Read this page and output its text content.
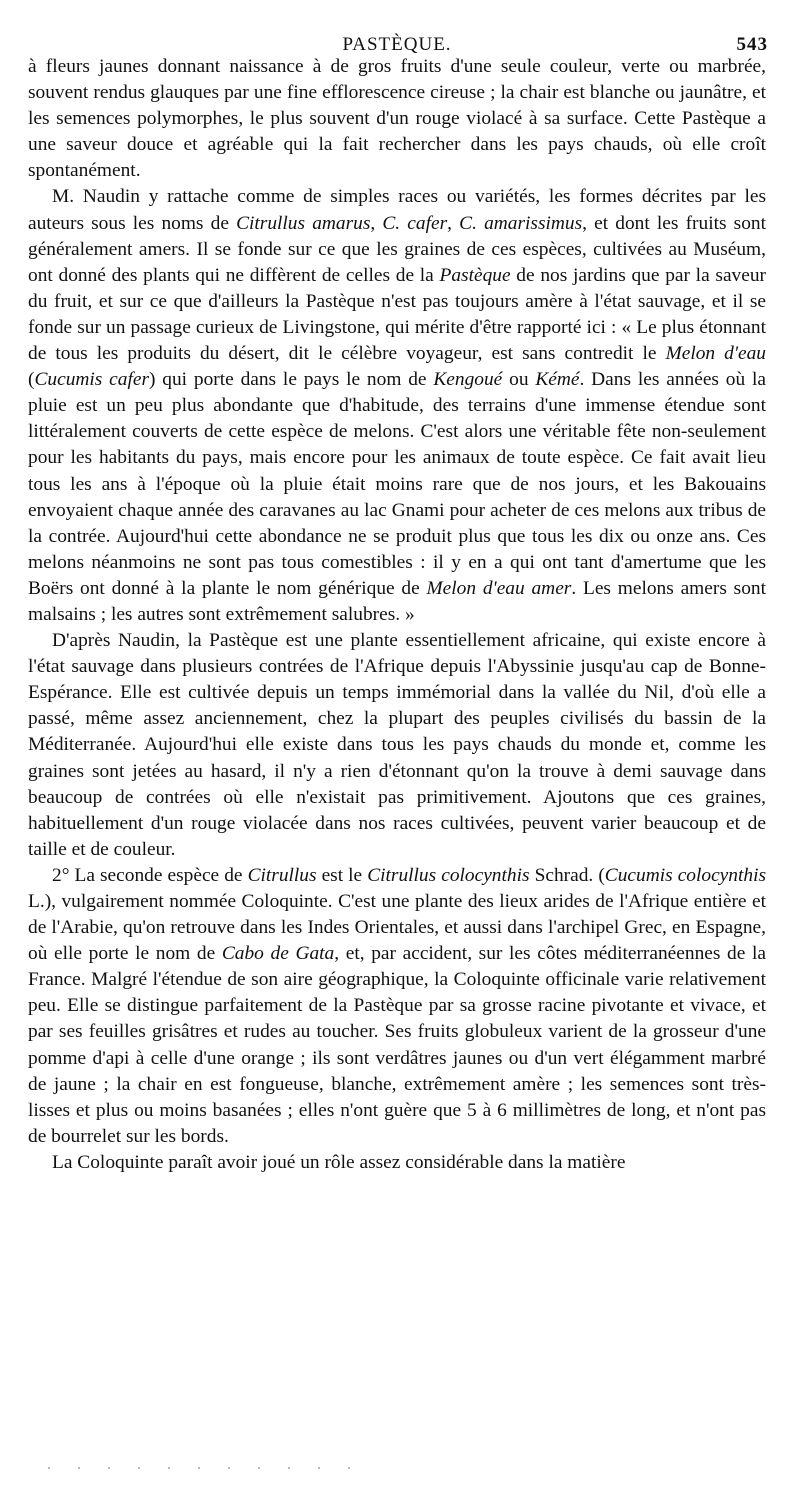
PASTÈQUE.	543

à fleurs jaunes donnant naissance à de gros fruits d'une seule couleur, verte ou marbrée, souvent rendus glauques par une fine efflorescence cireuse ; la chair est blanche ou jaunâtre, et les semences polymorphes, le plus souvent d'un rouge violacé à sa surface. Cette Pastèque a une saveur douce et agréable qui la fait rechercher dans les pays chauds, où elle croît spontanément.

M. Naudin y rattache comme de simples races ou variétés, les formes décrites par les auteurs sous les noms de Citrullus amarus, C. cafer, C. amarissimus, et dont les fruits sont généralement amers. Il se fonde sur ce que les graines de ces espèces, cultivées au Muséum, ont donné des plants qui ne diffèrent de celles de la Pastèque de nos jardins que par la saveur du fruit, et sur ce que d'ailleurs la Pastèque n'est pas toujours amère à l'état sauvage, et il se fonde sur un passage curieux de Livingstone, qui mérite d'être rapporté ici : « Le plus étonnant de tous les produits du désert, dit le célèbre voyageur, est sans contredit le Melon d'eau (Cucumis cafer) qui porte dans le pays le nom de Kengoué ou Kémé. Dans les années où la pluie est un peu plus abondante que d'habitude, des terrains d'une immense étendue sont littéralement couverts de cette espèce de melons. C'est alors une véritable fête non-seulement pour les habitants du pays, mais encore pour les animaux de toute espèce. Ce fait avait lieu tous les ans à l'époque où la pluie était moins rare que de nos jours, et les Bakouains envoyaient chaque année des caravanes au lac Gnami pour acheter de ces melons aux tribus de la contrée. Aujourd'hui cette abondance ne se produit plus que tous les dix ou onze ans. Ces melons néanmoins ne sont pas tous comestibles : il y en a qui ont tant d'amertume que les Boërs ont donné à la plante le nom générique de Melon d'eau amer. Les melons amers sont malsains ; les autres sont extrêmement salubres. »

D'après Naudin, la Pastèque est une plante essentiellement africaine, qui existe encore à l'état sauvage dans plusieurs contrées de l'Afrique depuis l'Abyssinie jusqu'au cap de Bonne-Espérance. Elle est cultivée depuis un temps immémorial dans la vallée du Nil, d'où elle a passé, même assez anciennement, chez la plupart des peuples civilisés du bassin de la Méditerranée. Aujourd'hui elle existe dans tous les pays chauds du monde et, comme les graines sont jetées au hasard, il n'y a rien d'étonnant qu'on la trouve à demi sauvage dans beaucoup de contrées où elle n'existait pas primitivement. Ajoutons que ces graines, habituellement d'un rouge violacée dans nos races cultivées, peuvent varier beaucoup et de taille et de couleur.

2° La seconde espèce de Citrullus est le Citrullus colocynthis Schrad. (Cucumis colocynthis L.), vulgairement nommée Coloquinte. C'est une plante des lieux arides de l'Afrique entière et de l'Arabie, qu'on retrouve dans les Indes Orientales, et aussi dans l'archipel Grec, en Espagne, où elle porte le nom de Cabo de Gata, et, par accident, sur les côtes méditerranéennes de la France. Malgré l'étendue de son aire géographique, la Coloquinte officinale varie relativement peu. Elle se distingue parfaitement de la Pastèque par sa grosse racine pivotante et vivace, et par ses feuilles grisâtres et rudes au toucher. Ses fruits globuleux varient de la grosseur d'une pomme d'api à celle d'une orange ; ils sont verdâtres jaunes ou d'un vert élégamment marbré de jaune ; la chair en est fongueuse, blanche, extrêmement amère ; les semences sont très-lisses et plus ou moins basanées ; elles n'ont guère que 5 à 6 millimètres de long, et n'ont pas de bourrelet sur les bords.

La Coloquinte paraît avoir joué un rôle assez considérable dans la matière
